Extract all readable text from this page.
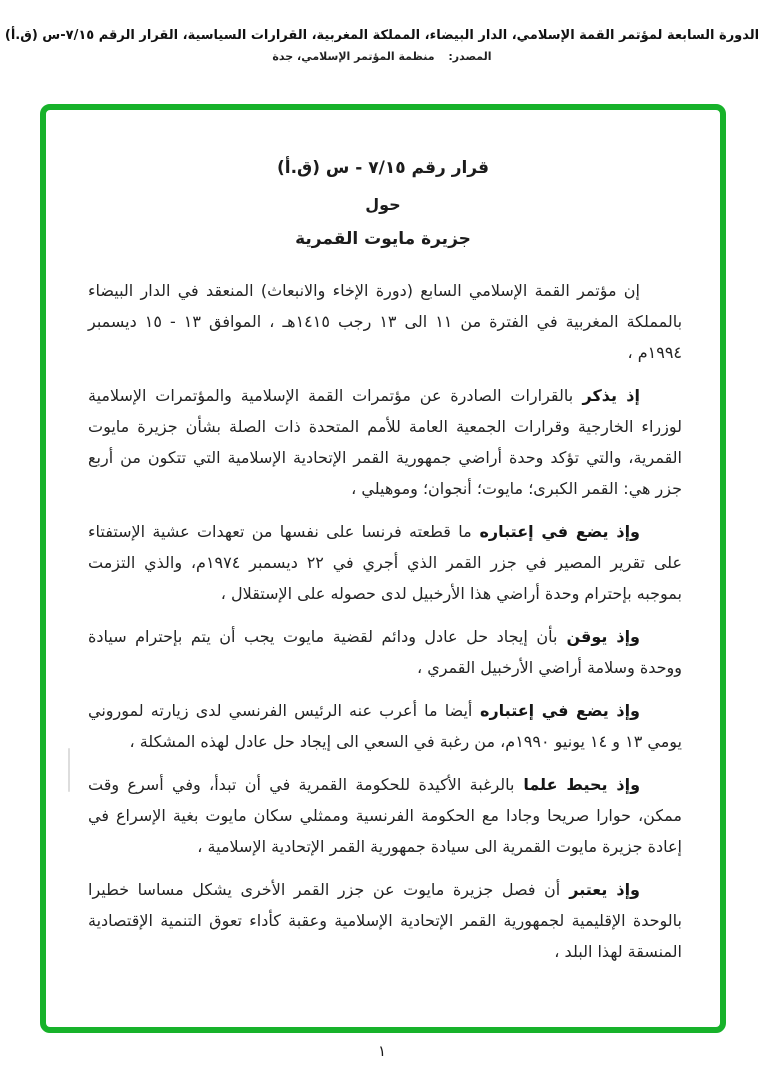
الدورة السابعة لمؤتمر القمة الإسلامي، الدار البيضاء، المملكة المغربية، القرارات السياسية، القرار الرقم ٧/١٥-س (ق.أ)
المصدر: منظمة المؤتمر الإسلامي، جدة
قرار رقم ٧/١٥ - س (ق.أ)
حول
جزيرة مايوت القمرية

إن مؤتمر القمة الإسلامي السابع (دورة الإخاء والانبعاث) المنعقد في الدار البيضاء بالمملكة المغربية في الفترة من ١١ الى ١٣ رجب ١٤١٥هـ ، الموافق ١٣ - ١٥ ديسمبر ١٩٩٤م ،

إذ يذكر بالقرارات الصادرة عن مؤتمرات القمة الإسلامية والمؤتمرات الإسلامية لوزراء الخارجية وقرارات الجمعية العامة للأمم المتحدة ذات الصلة بشأن جزيرة مايوت القمرية، والتي تؤكد وحدة أراضي جمهورية القمر الإتحادية الإسلامية التي تتكون من أربع جزر هي: القمر الكبرى؛ مايوت؛ أنجوان؛ وموهيلي ،

وإذ يضع في إعتباره ما قطعته فرنسا على نفسها من تعهدات عشية الإستفتاء على تقرير المصير في جزر القمر الذي أجري في ٢٢ ديسمبر ١٩٧٤م، والذي التزمت بموجبه بإحترام وحدة أراضي هذا الأرخبيل لدى حصوله على الإستقلال ،

وإذ يوقن بأن إيجاد حل عادل ودائم لقضية مايوت يجب أن يتم بإحترام سيادة ووحدة وسلامة أراضي الأرخبيل القمري ،

وإذ يضع في إعتباره أيضا ما أعرب عنه الرئيس الفرنسي لدى زيارته لموروني يومي ١٣ و ١٤ يونيو ١٩٩٠م، من رغبة في السعي الى إيجاد حل عادل لهذه المشكلة ،

وإذ يحيط علما بالرغبة الأكيدة للحكومة القمرية في أن تبدأ، وفي أسرع وقت ممكن، حوارا صريحا وجادا مع الحكومة الفرنسية وممثلي سكان مايوت بغية الإسراع في إعادة جزيرة مايوت القمرية الى سيادة جمهورية القمر الإتحادية الإسلامية ،

وإذ يعتبر أن فصل جزيرة مايوت عن جزر القمر الأخرى يشكل مساسا خطيرا بالوحدة الإقليمية لجمهورية القمر الإتحادية الإسلامية وعقبة كأداء تعوق التنمية الإقتصادية المنسقة لهذا البلد ،

١
